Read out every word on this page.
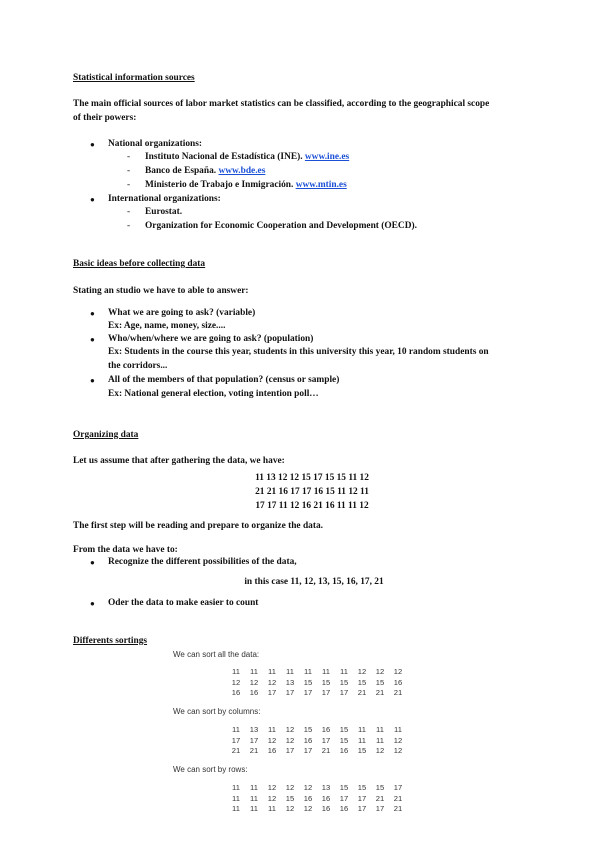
Statistical information sources
The main official sources of labor market statistics can be classified, according to the geographical scope
of their powers:
● National organizations:
- Instituto Nacional de Estadística (INE). www.ine.es
- Banco de España. www.bde.es
- Ministerio de Trabajo e Inmigración. www.mtin.es
● International organizations:
- Eurostat.
- Organization for Economic Cooperation and Development (OECD).
Basic ideas before collecting data
Stating an studio we have to able to answer:
● What we are going to ask? (variable)
Ex: Age, name, money, size....
● Who/when/where we are going to ask? (population)
Ex: Students in the course this year, students in this university this year, 10 random students on
the corridors...
● All of the members of that population? (census or sample)
Ex: National general election, voting intention poll…
Organizing data
Let us assume that after gathering the data, we have:
11 13 12 12 15 17 15 15 11 12
21 21 16 17 17 16 15 11 12 11
17 17 11 12 16 21 16 11 11 12
The first step will be reading and prepare to organize the data.
From the data we have to:
● Recognize the different possibilities of the data,
in this case 11, 12, 13, 15, 16, 17, 21
● Oder the data to make easier to count
Differents sortings
We can sort all the data:
11 11 11 11 11 11 11 12 12 12
12 12 12 13 15 15 15 15 15 16
16 16 17 17 17 17 17 21 21 21
We can sort by columns:
11 13 11 12 15 16 15 11 11 11
17 17 12 12 16 17 15 11 11 12
21 21 16 17 17 21 16 15 12 12
We can sort by rows:
11 11 12 12 12 13 15 15 15 17
11 11 12 15 16 16 17 17 21 21
11 11 11 12 12 16 16 17 17 21
